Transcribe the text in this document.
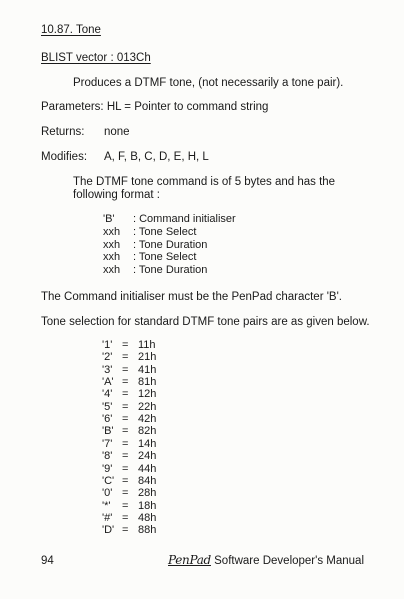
10.87. Tone
BLIST vector : 013Ch
Produces a DTMF tone, (not necessarily a tone pair).
Parameters: HL = Pointer to command string
Returns: none
Modifies: A, F, B, C, D, E, H, L
The DTMF tone command is of 5 bytes and has the
following format :
'B' : Command initialiser
xxh : Tone Select
xxh : Tone Duration
xxh : Tone Select
xxh : Tone Duration
The Command initialiser must be the PenPad character 'B'.
Tone selection for standard DTMF tone pairs are as given below.
'1' = 11h
'2' = 21h
'3' = 41h
'A' = 81h
'4' = 12h
'5' = 22h
'6' = 42h
'B' = 82h
'7' = 14h
'8' = 24h
'9' = 44h
'C' = 84h
'0' = 28h
'*' = 18h
'#' = 48h
'D' = 88h
94	PenPad Software Developer's Manual
